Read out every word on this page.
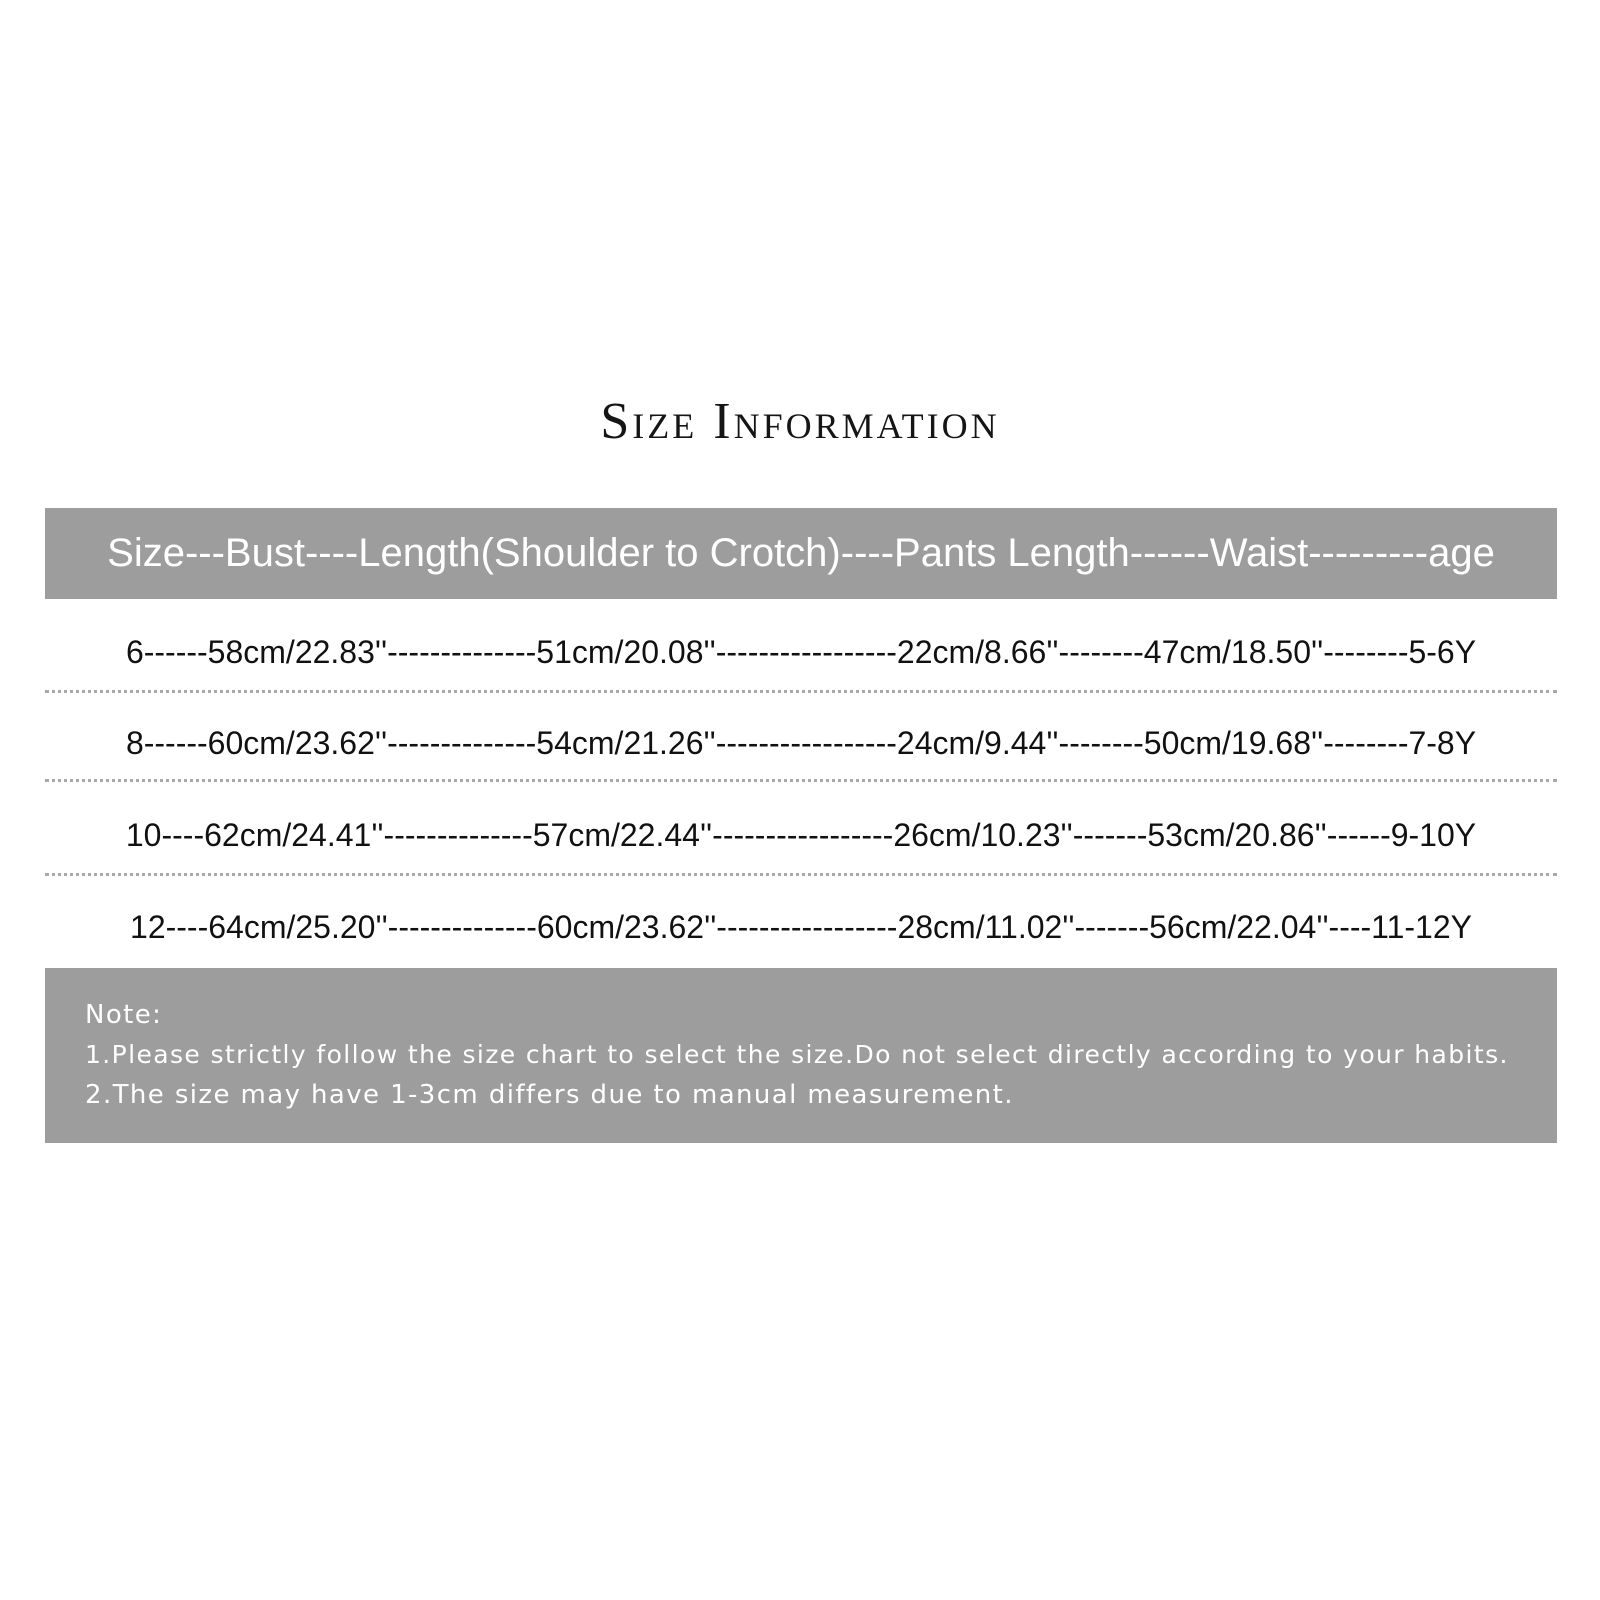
Size Information
Size---Bust----Length(Shoulder to Crotch)----Pants Length------Waist---------age
6------58cm/22.83''--------------51cm/20.08''-----------------22cm/8.66''--------47cm/18.50''--------5-6Y
8------60cm/23.62''--------------54cm/21.26''-----------------24cm/9.44''--------50cm/19.68''--------7-8Y
10----62cm/24.41''--------------57cm/22.44''-----------------26cm/10.23''-------53cm/20.86''------9-10Y
12----64cm/25.20''--------------60cm/23.62''-----------------28cm/11.02''-------56cm/22.04''----11-12Y
Note:
1.Please strictly follow the size chart to select the size.Do not select directly according to your habits.
2.The size may have 1-3cm differs due to manual measurement.
